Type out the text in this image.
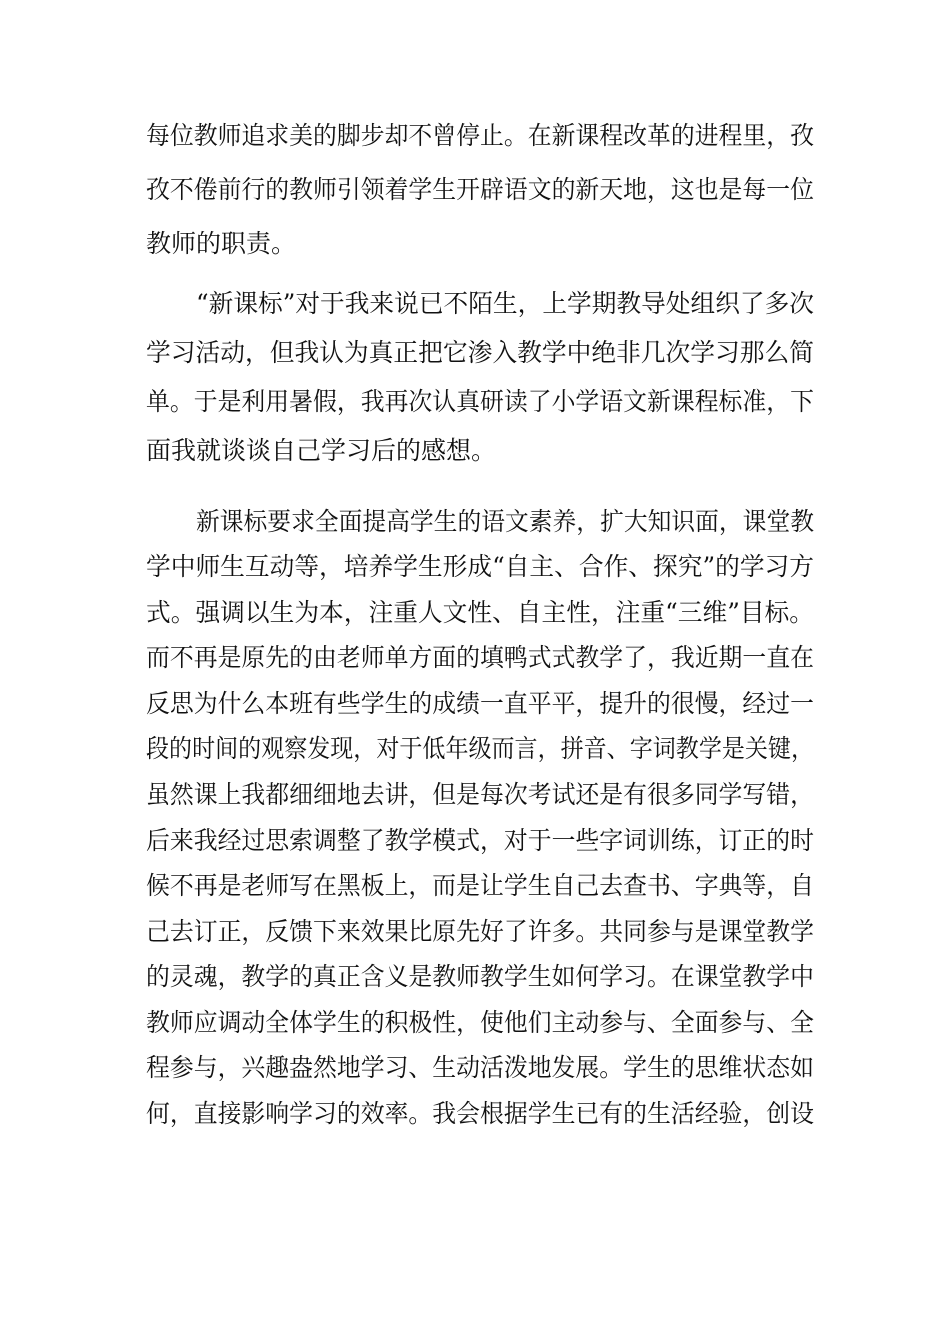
每位教师追求美的脚步却不曾停止。在新课程改革的进程里，孜
孜不倦前行的教师引领着学生开辟语文的新天地，这也是每一位
教师的职责。
“新课标”对于我来说已不陌生，上学期教导处组织了多次
学习活动，但我认为真正把它渗入教学中绝非几次学习那么简
单。于是利用暑假，我再次认真研读了小学语文新课程标准，下
面我就谈谈自己学习后的感想。
新课标要求全面提高学生的语文素养，扩大知识面，课堂教
学中师生互动等，培养学生形成“自主、合作、探究”的学习方
式。强调以生为本，注重人文性、自主性，注重“三维”目标。
而不再是原先的由老师单方面的填鸭式式教学了，我近期一直在
反思为什么本班有些学生的成绩一直平平，提升的很慢，经过一
段的时间的观察发现，对于低年级而言，拼音、字词教学是关键，
虽然课上我都细细地去讲，但是每次考试还是有很多同学写错，
后来我经过思索调整了教学模式，对于一些字词训练，订正的时
候不再是老师写在黑板上，而是让学生自己去查书、字典等，自
己去订正，反馈下来效果比原先好了许多。共同参与是课堂教学
的灵魂，教学的真正含义是教师教学生如何学习。在课堂教学中
教师应调动全体学生的积极性，使他们主动参与、全面参与、全
程参与，兴趣盎然地学习、生动活泼地发展。学生的思维状态如
何，直接影响学习的效率。我会根据学生已有的生活经验，创设
